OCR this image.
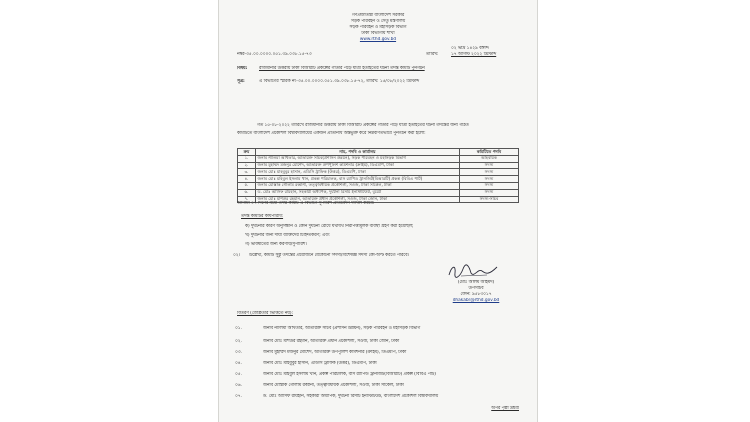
গণপ্রজাতন্ত্রী বাংলাদেশ সরকার
সড়ক পরিবহন ও সেতু মন্ত্রণালয়
সড়ক পরিবহন ও মহাসড়ক বিভাগ
ঢাকা বিভাগীয় শাখা
www.rthd.gov.bd
০২ ভাদ্র ১৪২৯ বঙ্গাব্দ
নম্বর-৩৫.০০.০০০০.০৫১.৩৯.০৩৮.১৫-৭৩	তারিখ:	১৭ আগস্ট ২০২২ খ্রিস্টাব্দ
বিষয়:	রাজধানীর উত্তরায় ঢাকা বিআরটি প্রকল্পের গার্ডার পড়ে যাত্রী হতাহতের ঘটনা তদন্ত কমিটি পুনর্গঠন
সূত্র:	এ বিভাগের স্মারক নং-৩৫.০০.০০০০.০৫১.৩৯.০৩৮.১৫-৭২, তারিখ: ১৫/০৮/২০২২ খ্রিস্টাব্দ
গত ১৫-০৮-২০২২ তারিখে রাজধানীর উত্তরায় ঢাকা বিআরটি প্রকল্পের গার্ডার পড়ে যাত্রী হতাহতের ঘটনা তদন্তের জন্য গঠিত
কমিটিতে বাংলাদেশ প্রকৌশল বিশ্ববিদ্যালয়ের একজন প্রতিনিধি অন্তর্ভুক্ত করে নিম্নবর্ণিতভাবে পুনর্গঠন করা হলো:
ক্রম	নাম, পদবি ও কার্যালয়	কমিটিতে পদবি
১.	জনাব নীলিমা আখতার, অতিরিক্ত সচিব(প্রশাসন উন্নয়ন), সড়ক পরিবহন ও মহাসড়ক বিভাগ	আহবায়ক
২.	জনাব মুহাম্মদ মজনুর মোর্শেদ, অতিরিক্ত উপপুলিশ কমিশনার (ক্রাইম), ডিএমপি, ঢাকা	সদস্য
৩.	জনাব মোঃ মাহবুবুর হাসান, এডিসি ট্রাফিক (উত্তর), ডিএমপি, ঢাকা	সদস্য
৪.	জনাব মোঃ মহিবুল ইসলাম খান, প্রকল্প পরিচালক, বাস র‍্যাপিড ট্রানজিট(বিআরটি) প্রকল্প (বিবিএ পার্ট)	সদস্য
৫.	জনাব মোস্তাক গোলাম রব্বানী, তত্ত্বাবধায়ক প্রকৌশলী, সওজ, ঢাকা সার্কেল, ঢাকা	সদস্য
৬.	ড. মোঃ আসিফ রায়হান, সহকারী অধ্যাপক, দুর্ঘটনা রিসার্চ ইনস্টিটিউট, বুয়েট	সদস্য
৭.	জনাব মোঃ মশিউর রহমান, অতিরিক্ত প্রধান প্রকৌশলী, সওজ, ঢাকা জোন, ঢাকা	সদস্য-সচিব
আগামী ০৭ দিনের মধ্যে তদন্ত কমিটি এ বিভাগে সুপারিশ প্রতিবেদন দাখিল করবে।
তদন্ত কমিটির কার্যপরিধি:
ক) দুর্ঘটনার কারণ অনুসন্ধান ও কোন দুর্ঘটনা রোধে যথাযথ নিরাপত্তামূলক ব্যবস্থা গ্রহণ করা হয়েছিল;
খ) দুর্ঘটনার জন্য দায়ী ব্যক্তিদের চিহ্নিতকরণ; এবং
গ) ভবিষ্যতের জন্য করণীয়/সুপারিশ।
০২।	উল্লেখ্য, কমিটি সুষ্ঠু তদন্তের প্রয়োজনে যেকোনো সদস্য/বিশেষজ্ঞ সদস্য কো-অপ্ট করতে পারবে।
(মোঃ আলম আহমদ)
উপসচিব
ফোন: ৯৫৮৩০১৭
dhakabr@rthd.gov.bd
বিতরণ (জ্যেষ্ঠতার ভিত্তিতে নয়):
০১.	জনাব নীলিমা আখতার, অতিরিক্ত সচিব (প্রশাসন উন্নয়ন), সড়ক পরিবহন ও মহাসড়ক বিভাগ
০২.	জনাব মোঃ মশিউর রহমান, অতিরিক্ত প্রধান প্রকৌশলী, সওজ, ঢাকা জোন, ঢাকা
০৩.	জনাব মুহাম্মদ মজনুর মোর্শেদ, অতিরিক্ত উপপুলিশ কমিশনার (ক্রাইম), ডিএমপি, ঢাকা
০৪.	জনাব মোঃ মাহবুবুর হাসান, এডিসি ট্রাফিক (উত্তর), ডিএমপি, ঢাকা
০৫.	জনাব মোঃ মহিবুল ইসলাম খান, প্রকল্প পরিচালক, বাস র‍্যাপিড ট্রানজিট(বিআরটি) প্রকল্প (বিবিএ পার্ট)
০৬.	জনাব মোস্তাক গোলাম রব্বানী, তত্ত্বাবধায়ক প্রকৌশলী, সওজ, ঢাকা সার্কেল, ঢাকা
০৭.	ড. মোঃ আসিফ রায়হান, সহকারী অধ্যাপক, দুর্ঘটনা রিসার্চ ইনস্টিটিউট, বাংলাদেশ প্রকৌশল বিশ্ববিদ্যালয়
অপর পৃষ্ঠা দ্রষ্টব্য
